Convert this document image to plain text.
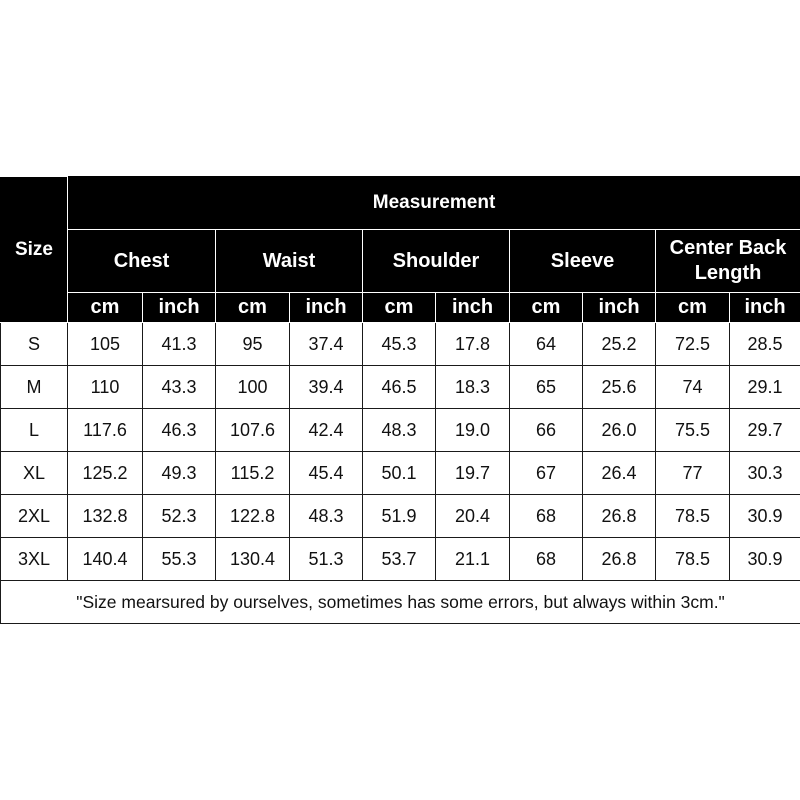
Size	Measurement									
	Chest		Waist		Shoulder		Sleeve		Center Back Length	
	cm	inch	cm	inch	cm	inch	cm	inch	cm	inch
S	105	41.3	95	37.4	45.3	17.8	64	25.2	72.5	28.5
M	110	43.3	100	39.4	46.5	18.3	65	25.6	74	29.1
L	117.6	46.3	107.6	42.4	48.3	19.0	66	26.0	75.5	29.7
XL	125.2	49.3	115.2	45.4	50.1	19.7	67	26.4	77	30.3
2XL	132.8	52.3	122.8	48.3	51.9	20.4	68	26.8	78.5	30.9
3XL	140.4	55.3	130.4	51.3	53.7	21.1	68	26.8	78.5	30.9
"Size mearsured by ourselves, sometimes has some errors, but always within 3cm."										
